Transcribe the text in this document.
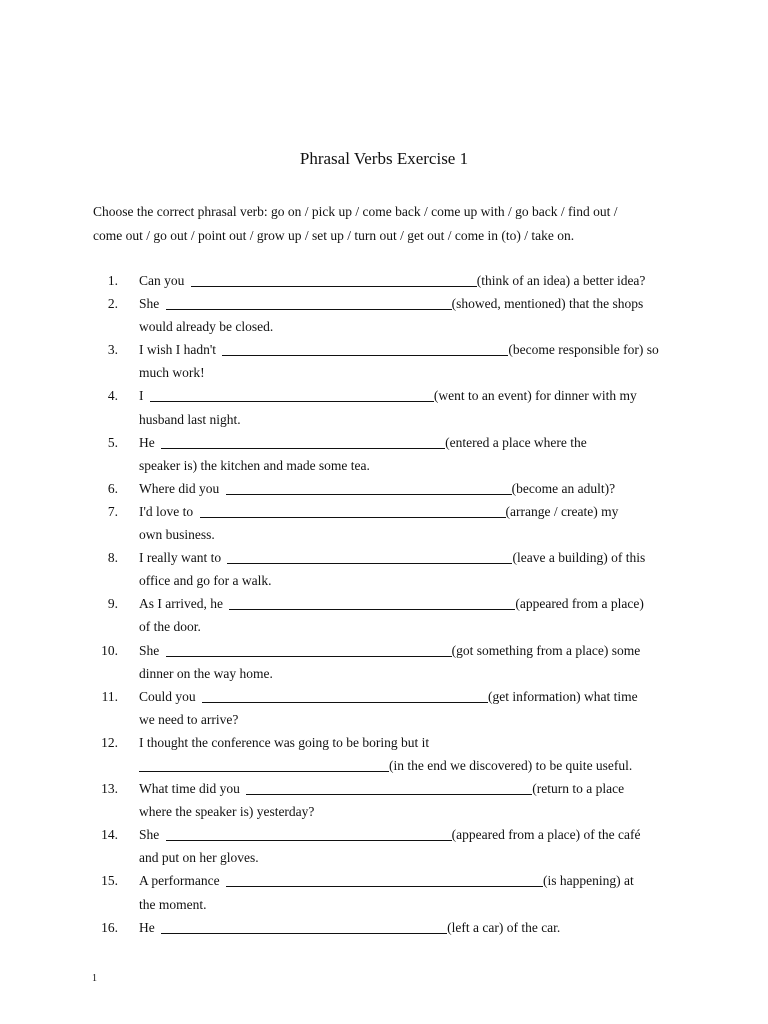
Phrasal Verbs Exercise 1
Choose the correct phrasal verb: go on / pick up / come back / come up with / go back / find out /
come out / go out / point out / grow up / set up / turn out / get out / come in (to) / take on.
1. Can you	(think of an idea) a better idea?
2. She	(showed, mentioned) that the shops
would already be closed.
3. I wish I hadn't	(become responsible for) so
much work!
4. I	(went to an event) for dinner with my
husband last night.
5. He	(entered a place where the
speaker is) the kitchen and made some tea.
6. Where did you	(become an adult)?
7. I'd love to	(arrange / create) my
own business.
8. I really want to	(leave a building) of this
office and go for a walk.
9. As I arrived, he	(appeared from a place)
of the door.
10. She	(got something from a place) some
dinner on the way home.
11. Could you	(get information) what time
we need to arrive?
12. I thought the conference was going to be boring but it
(in the end we discovered) to be quite useful.
13. What time did you	(return to a place
where the speaker is) yesterday?
14. She	(appeared from a place) of the café
and put on her gloves.
15. A performance	(is happening) at
the moment.
16. He	(left a car) of the car.
1
